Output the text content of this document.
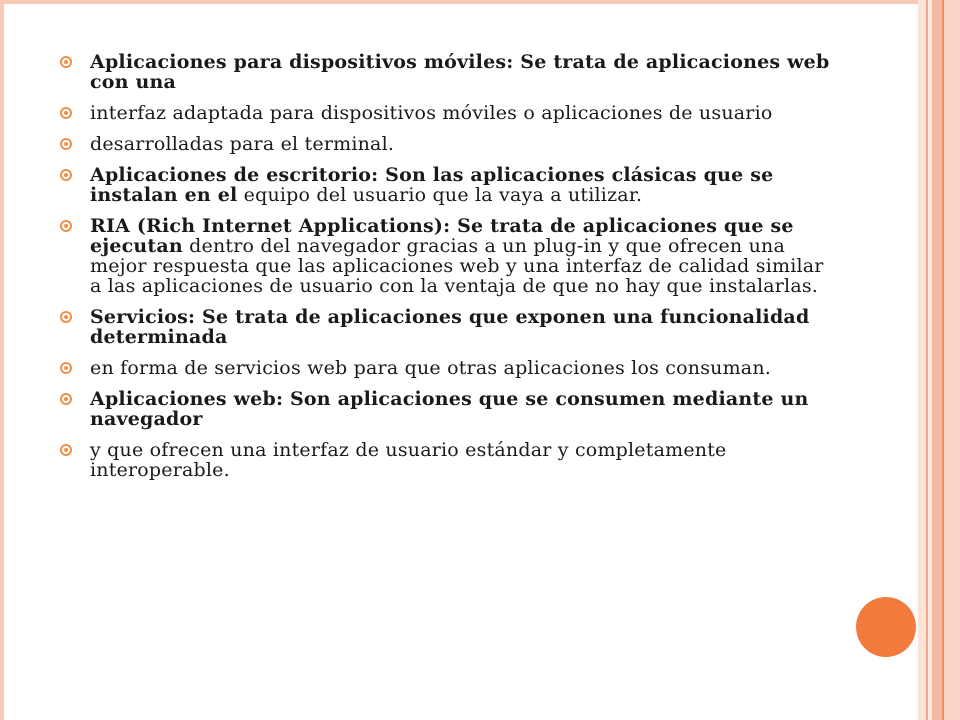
Aplicaciones para dispositivos móviles: Se trata de aplicaciones web con una
interfaz adaptada para dispositivos móviles o aplicaciones de usuario
desarrolladas para el terminal.
Aplicaciones de escritorio: Son las aplicaciones clásicas que se instalan en el equipo del usuario que la vaya a utilizar.
RIA (Rich Internet Applications): Se trata de aplicaciones que se ejecutan dentro del navegador gracias a un plug-in y que ofrecen una mejor respuesta que las aplicaciones web y una interfaz de calidad similar a las aplicaciones de usuario con la ventaja de que no hay que instalarlas.
Servicios: Se trata de aplicaciones que exponen una funcionalidad determinada
en forma de servicios web para que otras aplicaciones los consuman.
Aplicaciones web: Son aplicaciones que se consumen mediante un navegador
y que ofrecen una interfaz de usuario estándar y completamente interoperable.
